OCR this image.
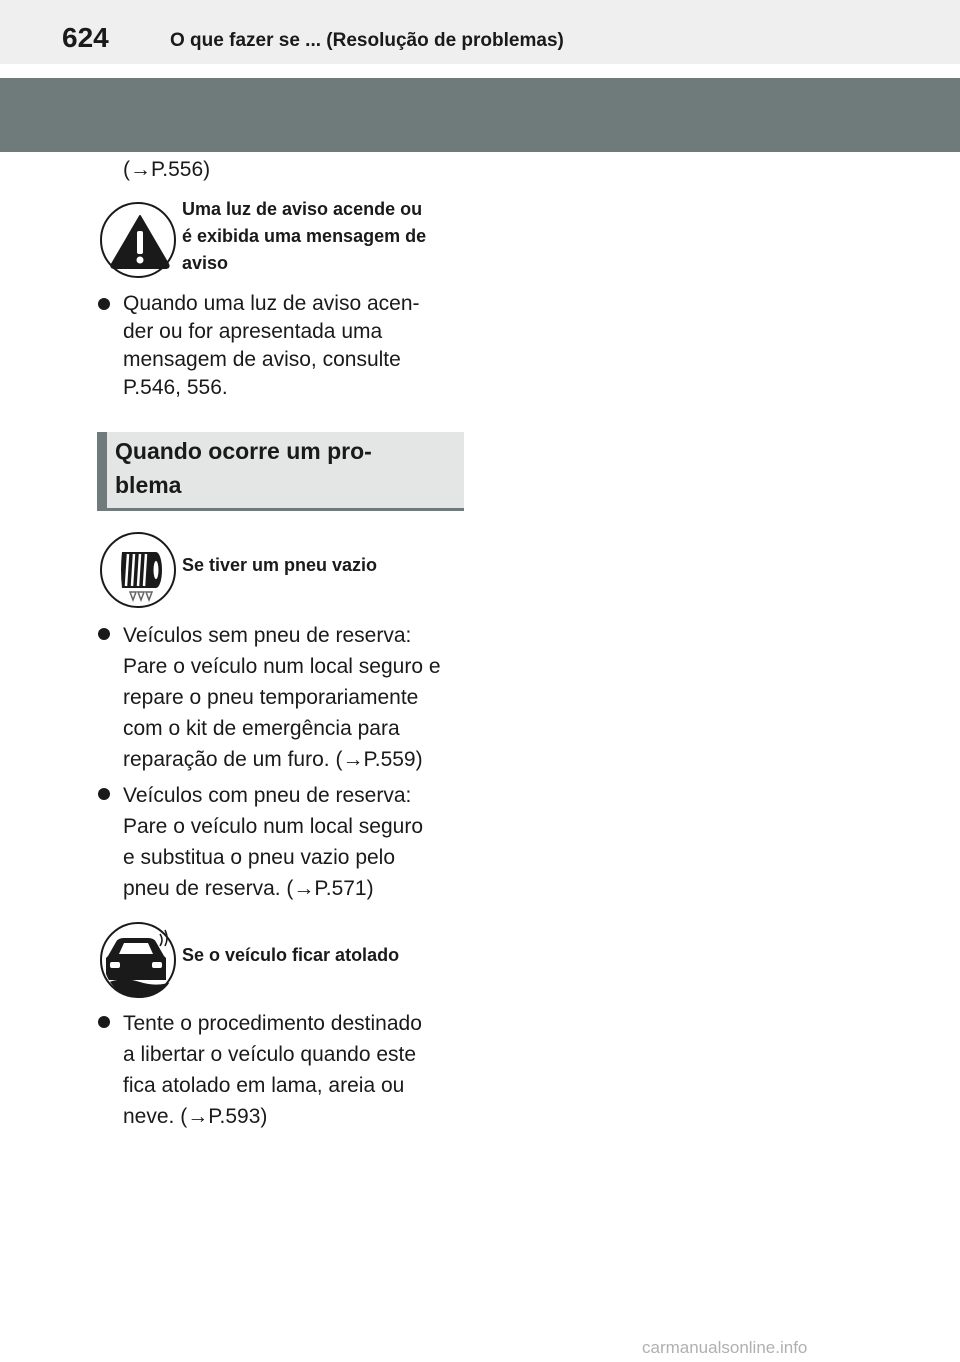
624	O que fazer se ... (Resolução de problemas)
(→P.556)
Uma luz de aviso acende ou
é exibida uma mensagem de
aviso
Quando uma luz de aviso acen-
der ou for apresentada uma
mensagem de aviso, consulte
P.546, 556.
Quando ocorre um pro-
blema
Se tiver um pneu vazio
Veículos sem pneu de reserva:
Pare o veículo num local seguro e
repare o pneu temporariamente
com o kit de emergência para
reparação de um furo. (→P.559)
Veículos com pneu de reserva:
Pare o veículo num local seguro
e substitua o pneu vazio pelo
pneu de reserva. (→P.571)
Se o veículo ficar atolado
Tente o procedimento destinado
a libertar o veículo quando este
fica atolado em lama, areia ou
neve. (→P.593)
carmanualsonline.info
